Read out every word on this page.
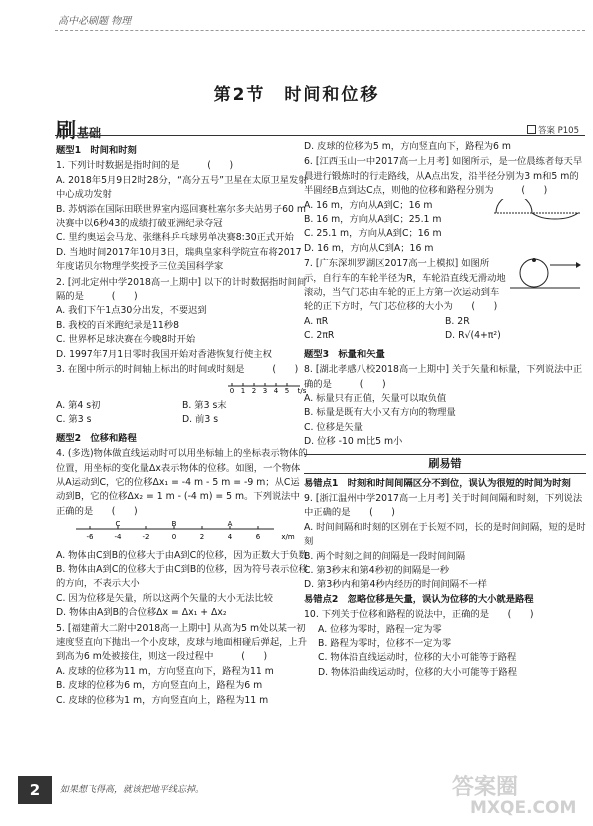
高中必刷题 物理
第2节　时间和位移
刷基础	答案 P105
题型1　时间和时刻
1. 下列计时数据是指时间的是　　　(　　)
A. 2018年5月9日2时28分，“高分五号”卫星在太原卫星发射中心成功发射
B. 苏炳添在国际田联世界室内巡回赛杜塞尔多夫站男子60 m决赛中以6秒43的成绩打破亚洲纪录夺冠
C. 里约奥运会马龙、张继科乒乓球男单决赛8:30正式开始
D. 当地时间2017年10月3日，瑞典皇家科学院宣布将2017年度诺贝尔物理学奖授予三位美国科学家
2. [河北定州中学2018高一上期中] 以下的计时数据指时间间隔的是　　　(　　)
A. 我们下午1点30分出发，不要迟到
B. 我校的百米跑纪录是11秒8
C. 世界杯足球决赛在今晚8时开始
D. 1997年7月1日零时我国开始对香港恢复行使主权
3. 在图中所示的时间轴上标出的时间或时刻是　　　(　　)
0 1 2 3 4 5 t/s
A. 第4 s初	B. 第3 s末
C. 第3 s	D. 前3 s
题型2　位移和路程
4. (多选)物体做直线运动时可以用坐标轴上的坐标表示物体的位置，用坐标的变化量Δx表示物体的位移。如图，一个物体从A运动到C，它的位移Δx₁ = -4 m - 5 m = -9 m；从C运动到B，它的位移Δx₂ = 1 m - (-4 m) = 5 m。下列说法中正确的是　　(　　)
C	B	A
-6	-4	-2	0	2	4	6	x/m
A. 物体由C到B的位移大于由A到C的位移，因为正数大于负数
B. 物体由A到C的位移大于由C到B的位移，因为符号表示位移的方向，不表示大小
C. 因为位移是矢量，所以这两个矢量的大小无法比较
D. 物体由A到B的合位移Δx = Δx₁ + Δx₂
5. [福建莆大二附中2018高一上期中] 从高为5 m处以某一初速度竖直向下抛出一个小皮球，皮球与地面相碰后弹起，上升到高为6 m处被接住，则这一段过程中　　　(　　)
A. 皮球的位移为11 m，方向竖直向下，路程为11 m
B. 皮球的位移为6 m，方向竖直向上，路程为6 m
C. 皮球的位移为1 m，方向竖直向上，路程为11 m
D. 皮球的位移为5 m，方向竖直向下，路程为6 m
6. [江西玉山一中2017高一上月考] 如图所示，是一位晨练者每天早晨进行锻炼时的行走路线，从A点出发，沿半径分别为3 m和5 m的半圆经B点到达C点，则他的位移和路程分别为　　　(　　)
A. 16 m，方向从A到C；16 m
B. 16 m，方向从A到C；25.1 m
C. 25.1 m，方向从A到C；16 m
D. 16 m，方向从C到A；16 m
7. [广东深圳罗湖区2017高一上模拟] 如图所示，自行车的车轮半径为R，车轮沿直线无滑动地滚动，当气门芯由车轮的正上方第一次运动到车轮的正下方时，气门芯位移的大小为　　(　　)
A. πR	B. 2R
C. 2πR	D. R√(4+π²)
题型3　标量和矢量
8. [湖北孝感八校2018高一上期中] 关于矢量和标量，下列说法中正确的是　　　(　　)
A. 标量只有正值，矢量可以取负值
B. 标量是既有大小又有方向的物理量
C. 位移是矢量
D. 位移 -10 m比5 m小
刷易错
易错点1　时刻和时间间隔区分不到位，误认为很短的时间为时刻
9. [浙江温州中学2017高一上月考] 关于时间间隔和时刻，下列说法中正确的是　　(　　)
A. 时间间隔和时刻的区别在于长短不同，长的是时间间隔，短的是时刻
B. 两个时刻之间的间隔是一段时间间隔
C. 第3秒末和第4秒初的间隔是一秒
D. 第3秒内和第4秒内经历的时间间隔不一样
易错点2　忽略位移是矢量，误认为位移的大小就是路程
10. 下列关于位移和路程的说法中，正确的是　　(　　)
A. 位移为零时，路程一定为零
B. 路程为零时，位移不一定为零
C. 物体沿直线运动时，位移的大小可能等于路程
D. 物体沿曲线运动时，位移的大小可能等于路程
2	如果想飞得高，就该把地平线忘掉。	答案圈
MXQE.COM
